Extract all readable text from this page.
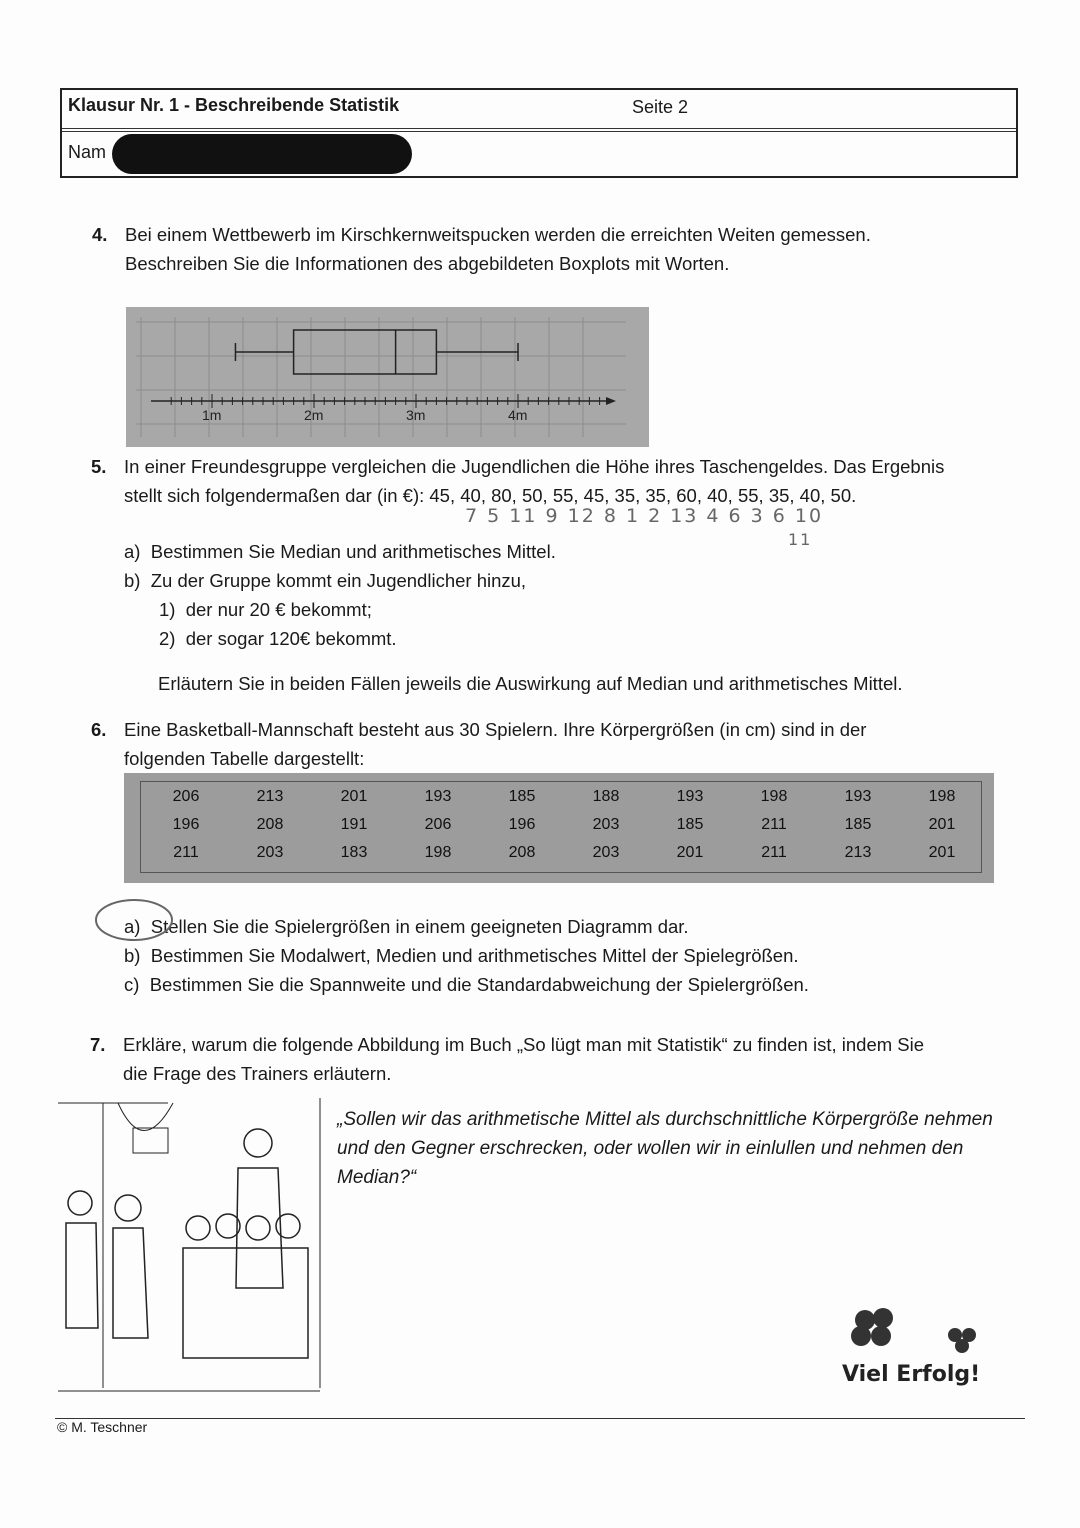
Klausur Nr. 1 - Beschreibende Statistik	Seite 2
Nam
4. Bei einem Wettbewerb im Kirschkernweitspucken werden die erreichten Weiten gemessen.
Beschreiben Sie die Informationen des abgebildeten Boxplots mit Worten.
1m	2m	3m	4m
5. In einer Freundesgruppe vergleichen die Jugendlichen die Höhe ihres Taschengeldes. Das Ergebnis
stellt sich folgendermaßen dar (in €): 45, 40, 80, 50, 55, 45, 35, 35, 60, 40, 55, 35, 40, 50.
7 5 11 9 12 8 1 2 13 4 6 3 6 10
11
a) Bestimmen Sie Median und arithmetisches Mittel.
b) Zu der Gruppe kommt ein Jugendlicher hinzu,
1) der nur 20 € bekommt;
2) der sogar 120€ bekommt.
Erläutern Sie in beiden Fällen jeweils die Auswirkung auf Median und arithmetisches Mittel.
6. Eine Basketball-Mannschaft besteht aus 30 Spielern. Ihre Körpergrößen (in cm) sind in der
folgenden Tabelle dargestellt:
206	213	201	193	185	188	193	198	193	198
196	208	191	206	196	203	185	211	185	201
211	203	183	198	208	203	201	211	213	201
a) Stellen Sie die Spielergrößen in einem geeigneten Diagramm dar.
b) Bestimmen Sie Modalwert, Medien und arithmetisches Mittel der Spielegrößen.
c) Bestimmen Sie die Spannweite und die Standardabweichung der Spielergrößen.
7. Erkläre, warum die folgende Abbildung im Buch „So lügt man mit Statistik“ zu finden ist, indem Sie
die Frage des Trainers erläutern.
„Sollen wir das arithmetische Mittel als durchschnittliche Körpergröße nehmen und den Gegner erschrecken, oder wollen wir in einlullen und nehmen den Median?“
Viel Erfolg!
© M. Teschner
